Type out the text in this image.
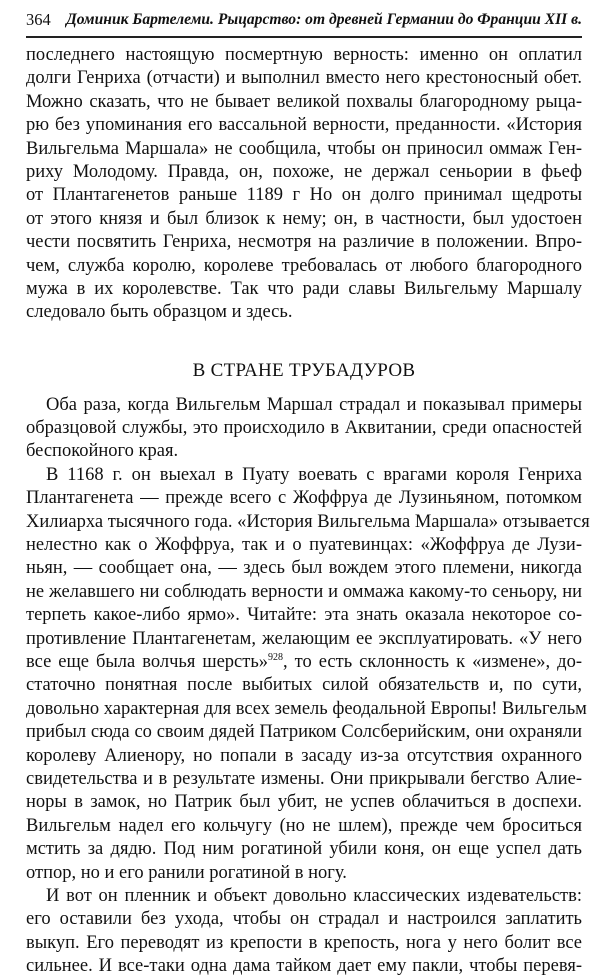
364 Доминик Бартелеми. Рыцарство: от древней Германии до Франции XII в.
последнего настоящую посмертную верность: именно он оплатил
долги Генриха (отчасти) и выполнил вместо него крестоносный обет.
Можно сказать, что не бывает великой похвалы благородному рыца-
рю без упоминания его вассальной верности, преданности. «История
Вильгельма Маршала» не сообщила, чтобы он приносил оммаж Ген-
риху Молодому. Правда, он, похоже, не держал сеньории в фьеф
от Плантагенетов раньше 1189 г Но он долго принимал щедроты
от этого князя и был близок к нему; он, в частности, был удостоен
чести посвятить Генриха, несмотря на различие в положении. Впро-
чем, служба королю, королеве требовалась от любого благородного
мужа в их королевстве. Так что ради славы Вильгельму Маршалу
следовало быть образцом и здесь.
В СТРАНЕ ТРУБАДУРОВ
Оба раза, когда Вильгельм Маршал страдал и показывал примеры
образцовой службы, это происходило в Аквитании, среди опасностей
беспокойного края.
В 1168 г. он выехал в Пуату воевать с врагами короля Генриха
Плантагенета — прежде всего с Жоффруа де Лузиньяном, потомком
Хилиарха тысячного года. «История Вильгельма Маршала» отзывается
нелестно как о Жоффруа, так и о пуатевинцах: «Жоффруа де Лузи-
ньян, — сообщает она, — здесь был вождем этого племени, никогда
не желавшего ни соблюдать верности и оммажа какому-то сеньору, ни
терпеть какое-либо ярмо». Читайте: эта знать оказала некоторое со-
противление Плантагенетам, желающим ее эксплуатировать. «У него
все еще была волчья шерсть»$^{928}$, то есть склонность к «измене», до-
статочно понятная после выбитых силой обязательств и, по сути,
довольно характерная для всех земель феодальной Европы! Вильгельм
прибыл сюда со своим дядей Патриком Солсберийским, они охраняли
королеву Алиенору, но попали в засаду из-за отсутствия охранного
свидетельства и в результате измены. Они прикрывали бегство Алие-
норы в замок, но Патрик был убит, не успев облачиться в доспехи.
Вильгельм надел его кольчугу (но не шлем), прежде чем броситься
мстить за дядю. Под ним рогатиной убили коня, он еще успел дать
отпор, но и его ранили рогатиной в ногу.
И вот он пленник и объект довольно классических издевательств:
его оставили без ухода, чтобы он страдал и настроился заплатить
выкуп. Его переводят из крепости в крепость, нога у него болит все
сильнее. И все-таки одна дама тайком дает ему пакли, чтобы перевя-
